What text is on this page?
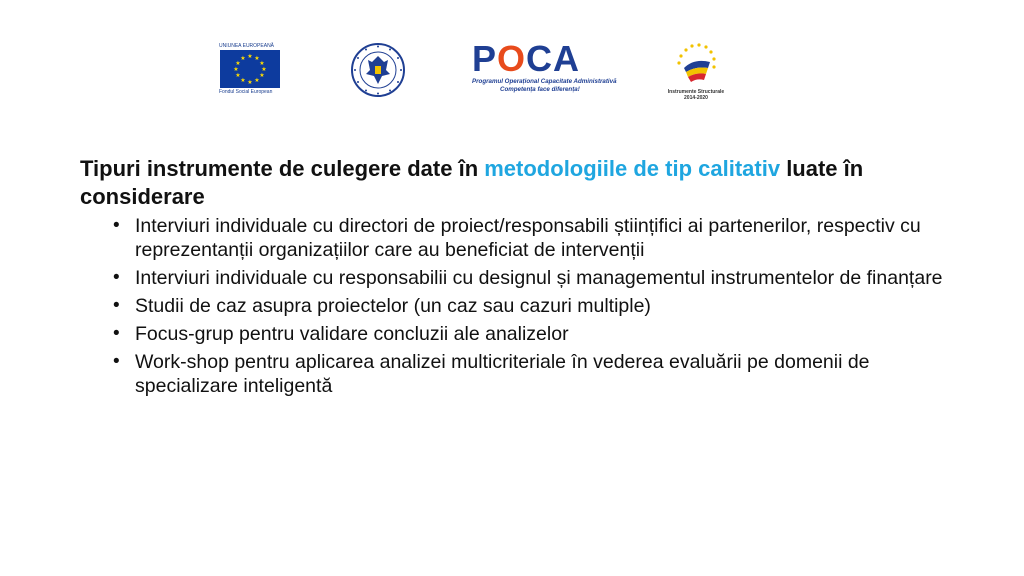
UNIUNEA EUROPEANĂ
★ ★
★
★
★
★
★
★
★
★
★
★
Fondul Social European
POCA
Programul Operațional Capacitate Administrativă
Competența face diferența!	Instrumente Structurale
2014-2020
Tipuri instrumente de culegere date în metodologiile de tip calitativ luate în considerare
• Interviuri individuale cu directori de proiect/responsabili științifici ai partenerilor, respectiv cu reprezentanții organizațiilor care au beneficiat de intervenții
• Interviuri individuale cu responsabilii cu designul și managementul instrumentelor de finanțare
• Studii de caz asupra proiectelor (un caz sau cazuri multiple)
• Focus-grup pentru validare concluzii ale analizelor
• Work-shop pentru aplicarea analizei multicriteriale în vederea evaluării pe domenii de specializare inteligentă
